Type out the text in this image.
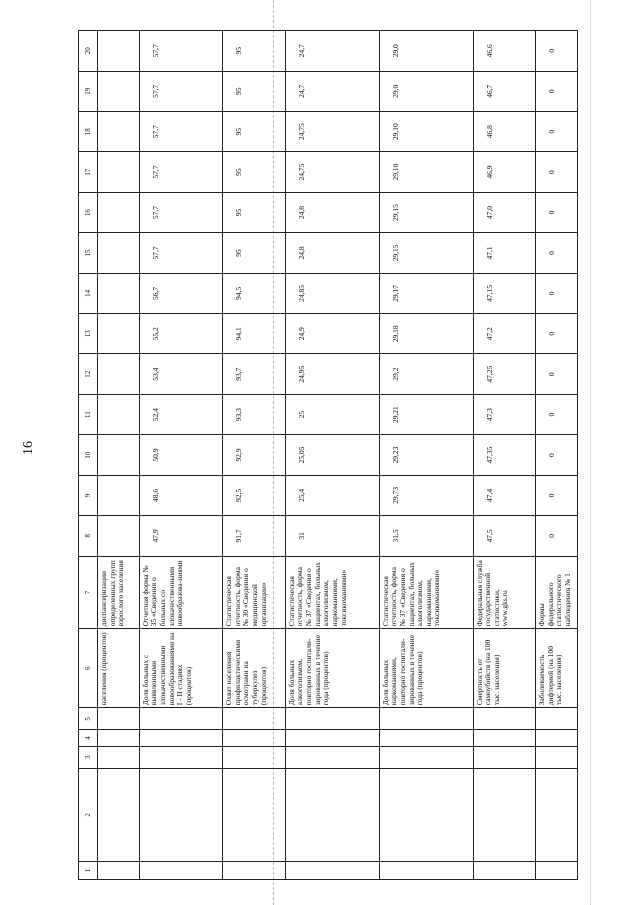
16
1	2	3	4	5	6	7	8	9	10	11	12	13	14	15	16	17	18	19	20
					населения (процентов)	диспансеризации определенных групп взрослого населения													
					Доля больных с выявленными злокачественными новообразованиями на I - II стадиях (процентов)	Отчетная форма № 35 «Сведения о больных со злокачественными новообразова-ниями	47,9	48,6	50,9	52,4	53,4	55,2	56,7	57,7	57,7	57,7	57,7	57,7	57,7
					Охват населения профилактическими осмотрами на туберкулез (процентов)	Статистическая отчетность, форма № 30 «Сведения о медицинской организации»	91,7	92,5	92,9	93,3	93,7	94,1	94,5	95	95	95	95	95	95
					Доля больных алкоголизмом, повторно госпитали-зированных в течение года (процентов)	Статистическая отчетность, форма № 37 «Сведения о пациентах, больных алкоголизмом, наркоманиями, токсикоманиями»	31	25,4	25,05	25	24,95	24,9	24,85	24,8	24,8	24,75	24,75	24,7	24,7
					Доля больных наркоманиями, повторно госпитали-зированных в течение года (процентов)	Статистическая отчетность, форма № 37 «Сведения о пациентах, больных алкоголизмом, наркоманиями, токсикоманиями»	31,5	29,73	29,23	29,21	29,2	29,18	29,17	29,15	29,15	29,10	29,10	29,0	29,0
					Смертность от самоубийств (на 100 тыс. населения)	Федеральная служба государственной статистики, www.gks.ru	47,5	47,4	47,35	47,3	47,25	47,2	47,15	47,1	47,0	46,9	46,8	46,7	46,6
					Заболеваемость дифтерией (на 100 тыс. населения)	Формы федерального статистического наблюдения № 1	0	0	0	0	0	0	0	0	0	0	0	0	0
